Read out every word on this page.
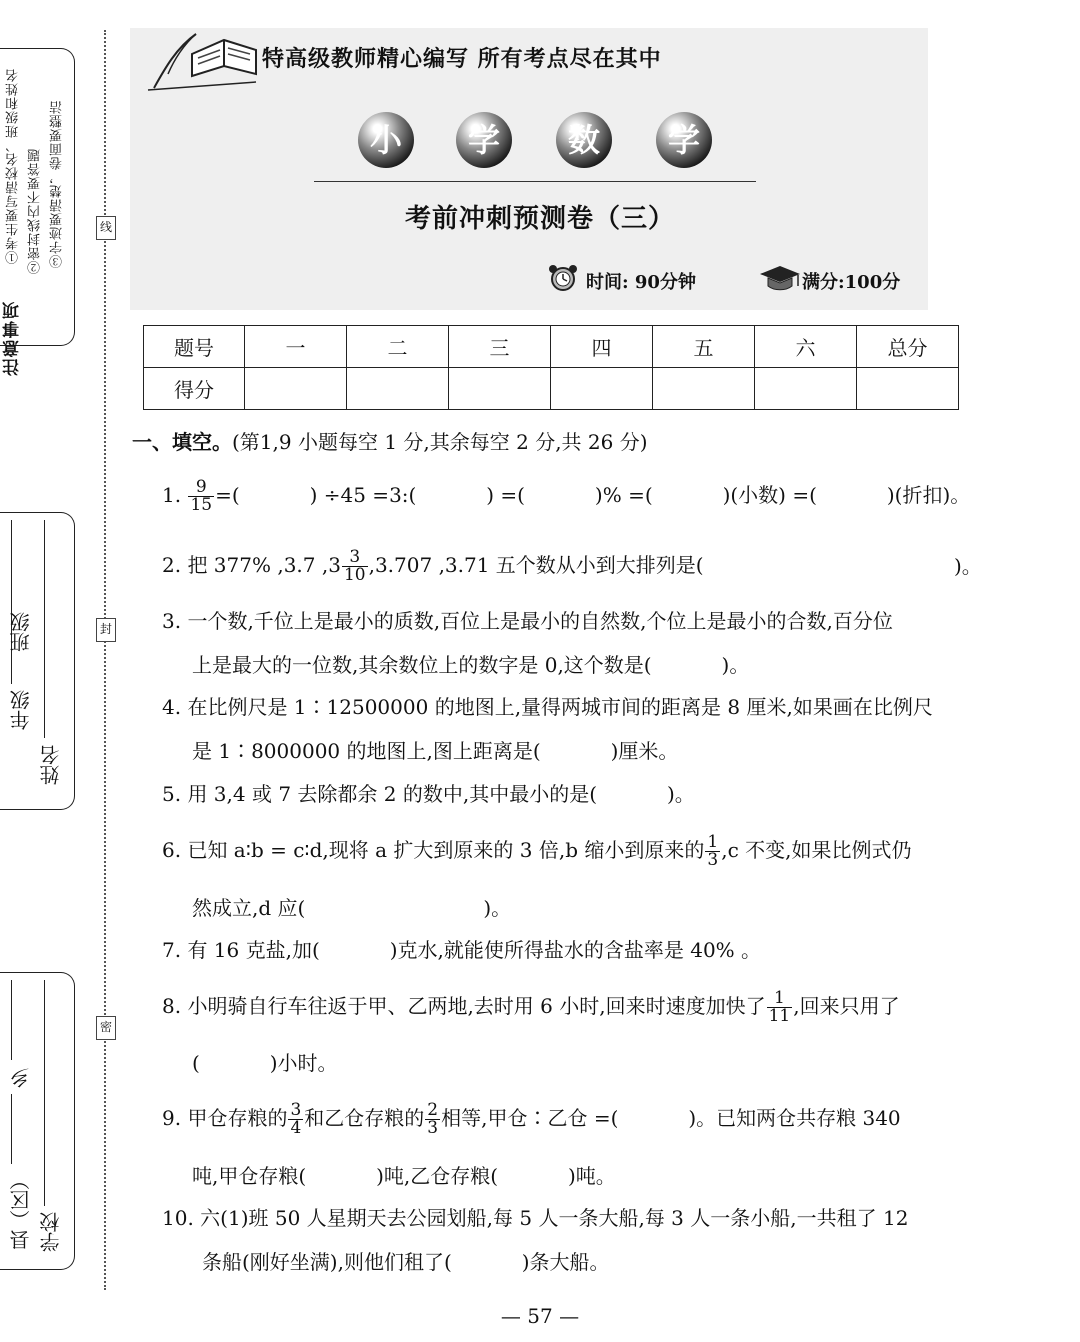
注意事项
①考生要写清校名、班级和姓名 ②密封线内不要答题 ③字迹要清楚，卷面要整洁
年级
班级
姓名
县（区）
乡
学校
线
封
密
特高级教师精心编写 所有考点尽在其中
小	学	数	学
考前冲刺预测卷（三）
时间: 90分钟	满分:100分
题号	一	二	三	四	五	六	总分
得分							
一、填空。(第1,9 小题每空 1 分,其余每空 2 分,共 26 分)
1. $\frac{9}{15}$ =(           ) ÷45 =3:(           ) =(           )% =(           )(小数) =(           )(折扣)。
2. 把 377% ,3.7 $,3 \frac{3}{10} ,3.707$ ,3.71 五个数从小到大排列是(	)。
3. 一个数,千位上是最小的质数,百位上是最小的自然数,个位上是最小的合数,百分位
上是最大的一位数,其余数位上的数字是 0,这个数是(           )。
4. 在比例尺是 1∶12500000 的地图上,量得两城市间的距离是 8 厘米,如果画在比例尺
是 1∶8000000 的地图上,图上距离是(           )厘米。
5. 用 3,4 或 7 去除都余 2 的数中,其中最小的是(           )。
6. 已知 a∶b = c∶d,现将 a 扩大到原来的 3 倍,b 缩小到原来的 $\frac{1}{3} ,c$ 不变,如果比例式仍
然成立,d 应(                            )。
7. 有 16 克盐,加(           )克水,就能使所得盐水的含盐率是 40% 。
8. 小明骑自行车往返于甲、乙两地,去时用 6 小时,回来时速度加快了 $\frac{1}{11}$ ,回来只用了
(           )小时。
9. 甲仓存粮的 $\frac{3}{4}$ 和乙仓存粮的 $\frac{2}{3}$ 相等,甲仓∶乙仓 =(           )。已知两仓共存粮 340
吨,甲仓存粮(           )吨,乙仓存粮(           )吨。
10. 六(1)班 50 人星期天去公园划船,每 5 人一条大船,每 3 人一条小船,一共租了 12
条船(刚好坐满),则他们租了(           )条大船。
— 57 —
